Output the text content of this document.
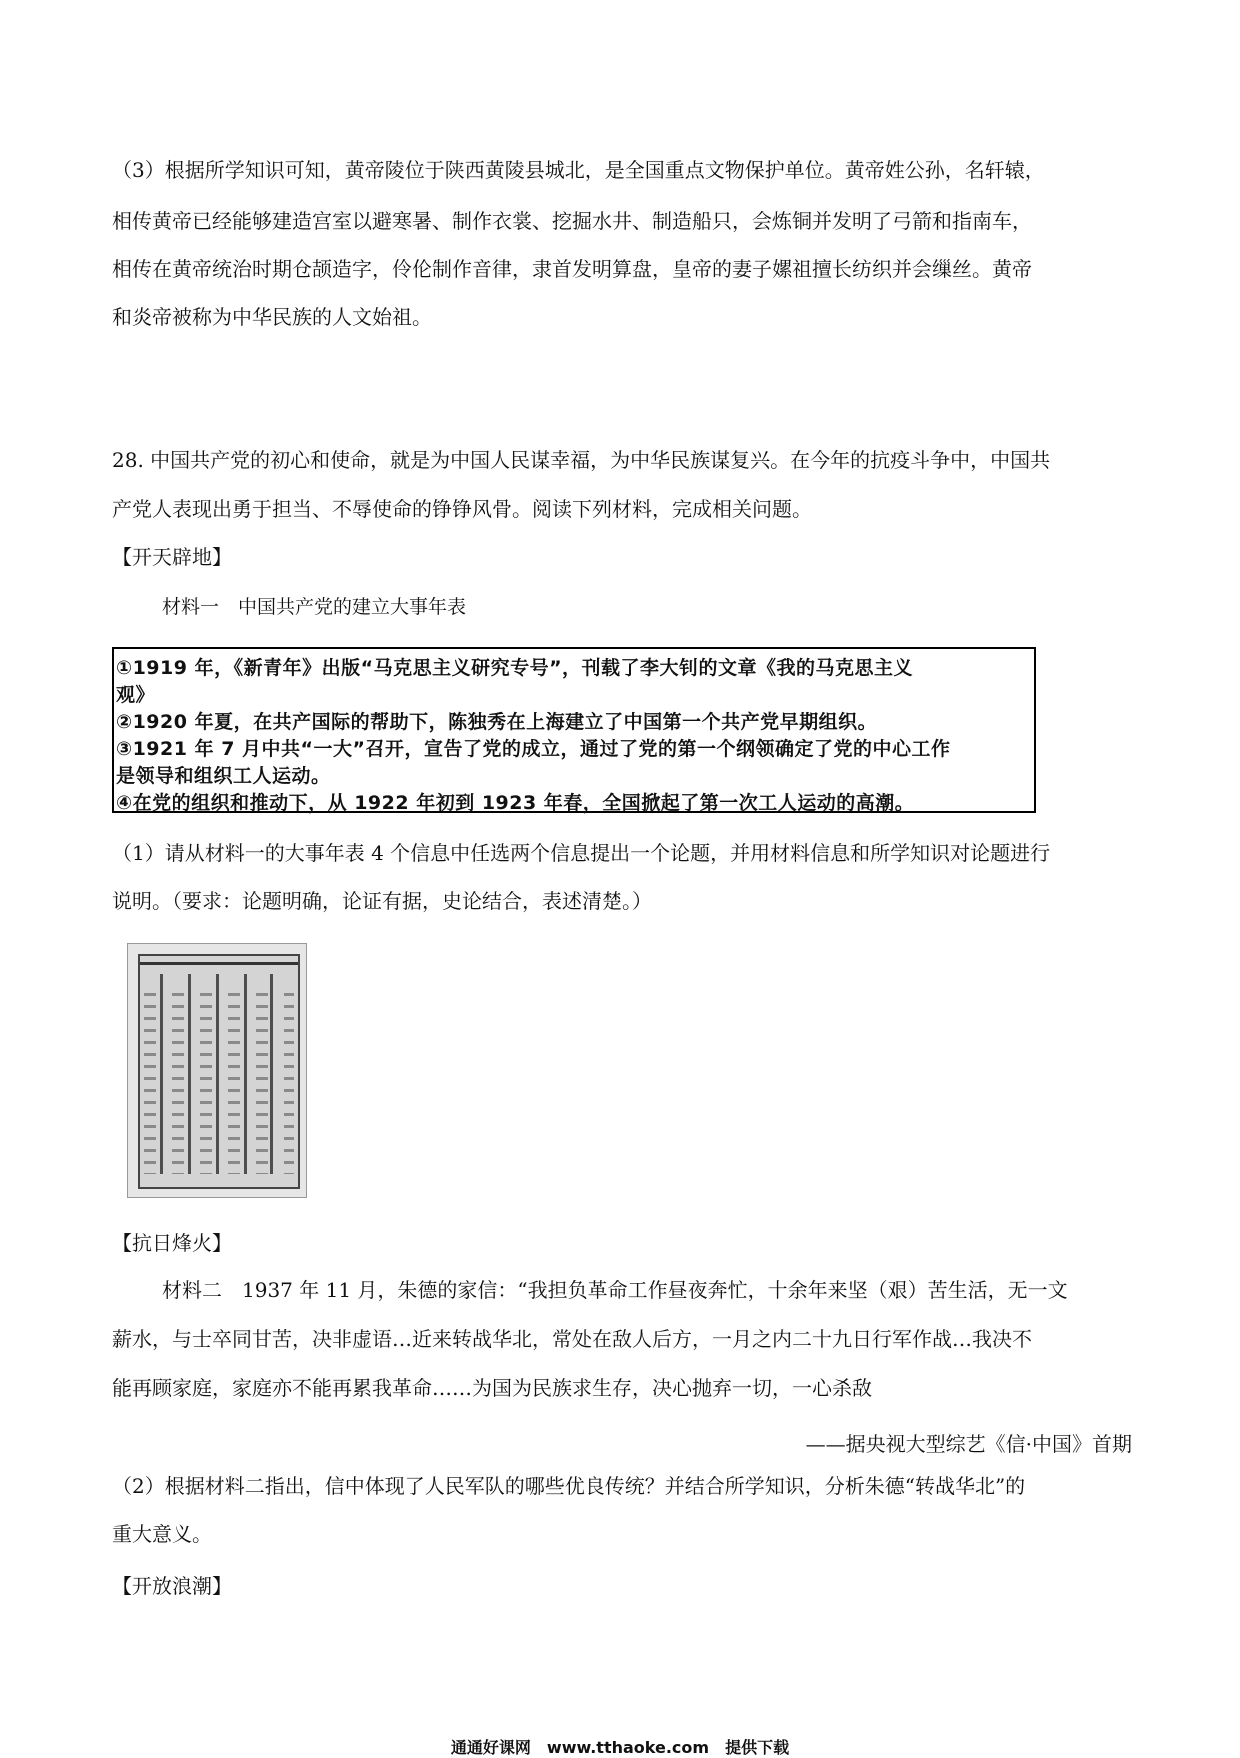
（3）根据所学知识可知，黄帝陵位于陕西黄陵县城北，是全国重点文物保护单位。黄帝姓公孙，名轩辕，
相传黄帝已经能够建造宫室以避寒暑、制作衣裳、挖掘水井、制造船只，会炼铜并发明了弓箭和指南车，
相传在黄帝统治时期仓颉造字，伶伦制作音律，隶首发明算盘，皇帝的妻子嫘祖擅长纺织并会缫丝。黄帝
和炎帝被称为中华民族的人文始祖。
28. 中国共产党的初心和使命，就是为中国人民谋幸福，为中华民族谋复兴。在今年的抗疫斗争中，中国共
产党人表现出勇于担当、不辱使命的铮铮风骨。阅读下列材料，完成相关问题。
【开天辟地】
材料一　中国共产党的建立大事年表
①1919 年，《新青年》出版“马克思主义研究专号”，刊载了李大钊的文章《我的马克思主义
观》
②1920 年夏，在共产国际的帮助下，陈独秀在上海建立了中国第一个共产党早期组织。
③1921 年 7 月中共“一大”召开，宣告了党的成立，通过了党的第一个纲领确定了党的中心工作
是领导和组织工人运动。
④在党的组织和推动下，从 1922 年初到 1923 年春，全国掀起了第一次工人运动的高潮。
（1）请从材料一的大事年表 4 个信息中任选两个信息提出一个论题，并用材料信息和所学知识对论题进行
说明。（要求：论题明确，论证有据，史论结合，表述清楚。）
【抗日烽火】
材料二　1937 年 11 月，朱德的家信：“我担负革命工作昼夜奔忙，十余年来坚（艰）苦生活，无一文
薪水，与士卒同甘苦，决非虚语…近来转战华北，常处在敌人后方，一月之内二十九日行军作战…我决不
能再顾家庭，家庭亦不能再累我革命……为国为民族求生存，决心抛弃一切，一心杀敌
——据央视大型综艺《信·中国》首期
（2）根据材料二指出，信中体现了人民军队的哪些优良传统？并结合所学知识，分析朱德“转战华北”的
重大意义。
【开放浪潮】
通通好课网　www.tthaoke.com　提供下载
